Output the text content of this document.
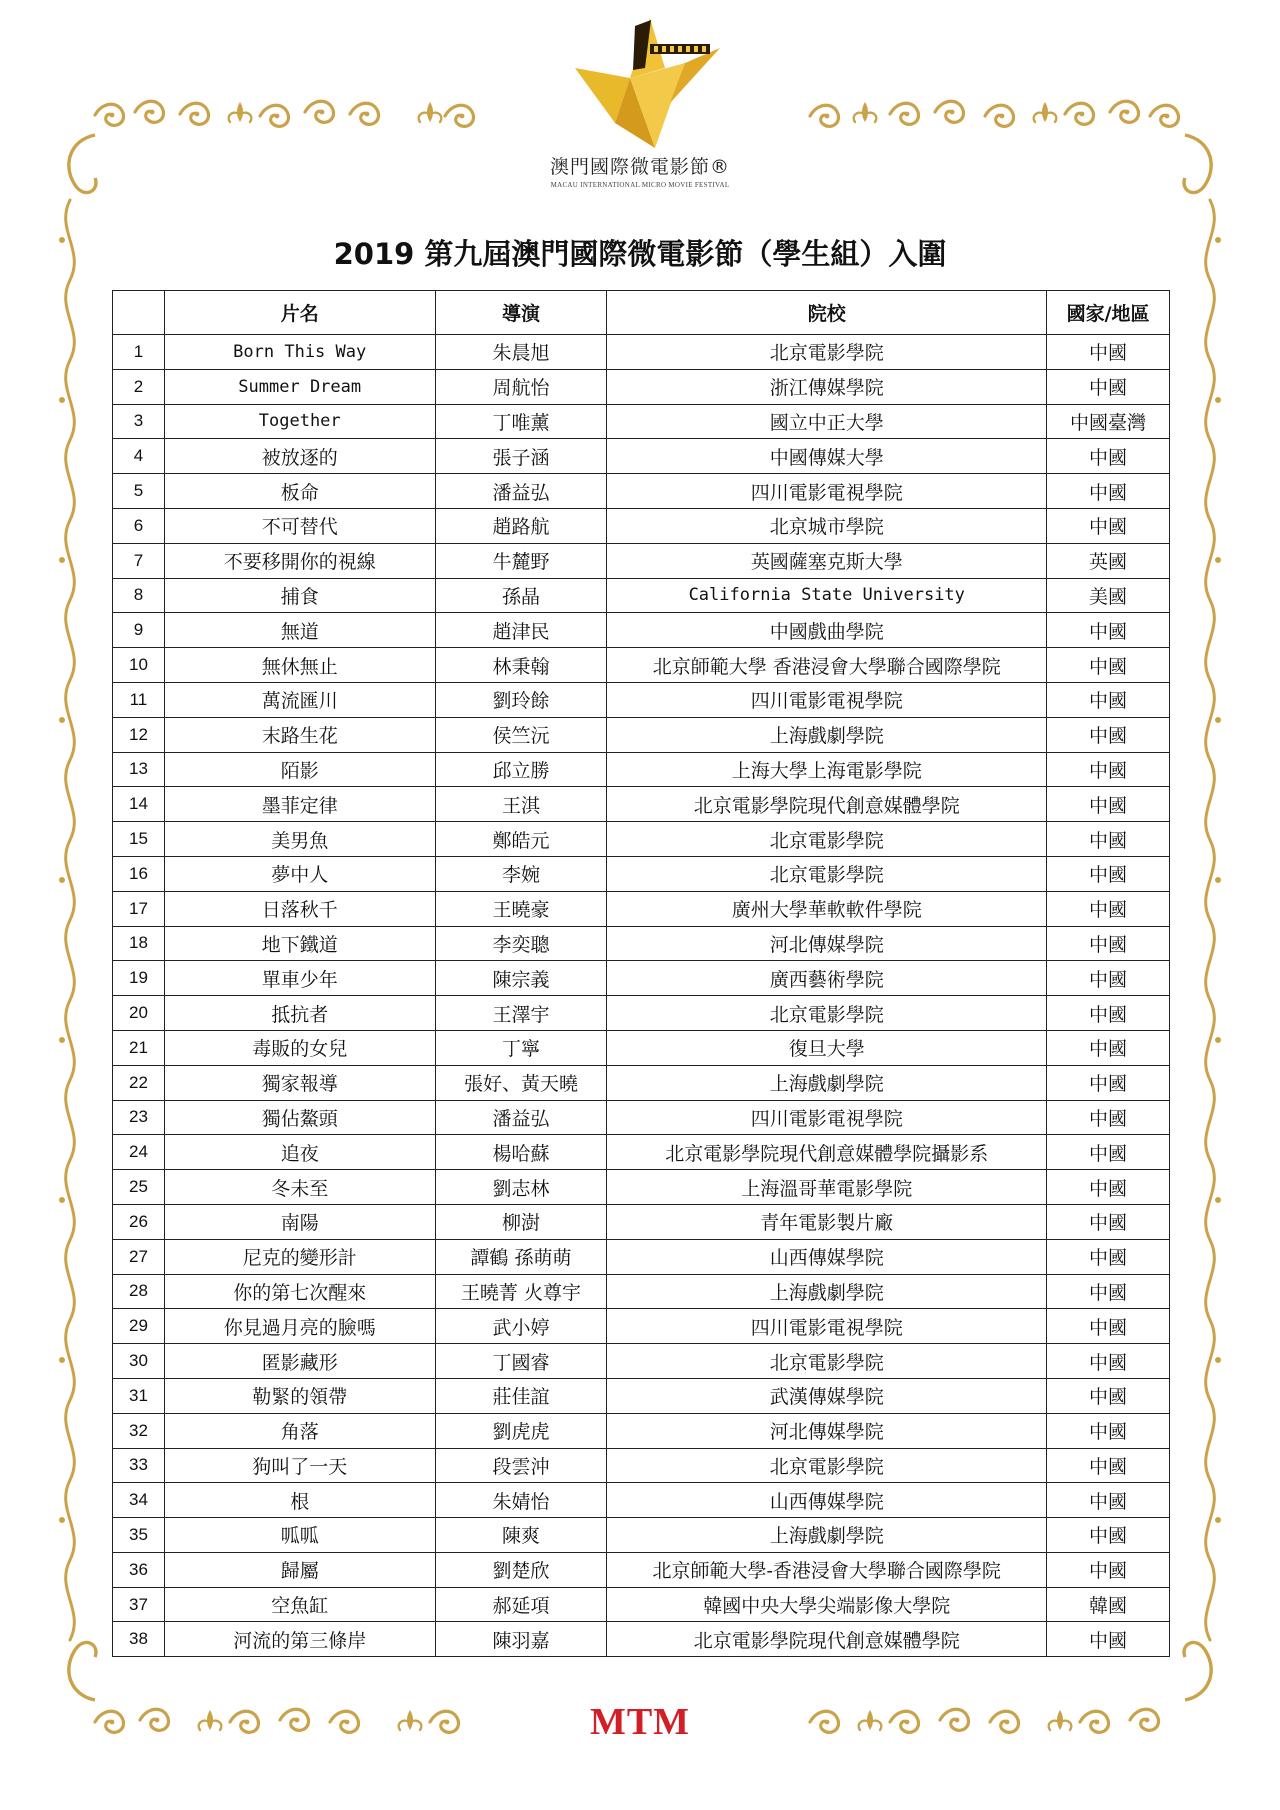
澳門國際微電影節®
MACAU INTERNATIONAL MICRO MOVIE FESTIVAL
2019 第九屆澳門國際微電影節（學生組）入圍
	片名	導演	院校	國家/地區
1	Born This Way	朱晨旭	北京電影學院	中國
2	Summer Dream	周航怡	浙江傳媒學院	中國
3	Together	丁唯薰	國立中正大學	中國臺灣
4	被放逐的	張子涵	中國傳媒大學	中國
5	板命	潘益弘	四川電影電視學院	中國
6	不可替代	趙路航	北京城市學院	中國
7	不要移開你的視線	牛麓野	英國薩塞克斯大學	英國
8	捕食	孫晶	California State University	美國
9	無道	趙津民	中國戲曲學院	中國
10	無休無止	林秉翰	北京師範大學 香港浸會大學聯合國際學院	中國
11	萬流匯川	劉玲餘	四川電影電視學院	中國
12	末路生花	侯竺沅	上海戲劇學院	中國
13	陌影	邱立勝	上海大學上海電影學院	中國
14	墨菲定律	王淇	北京電影學院現代創意媒體學院	中國
15	美男魚	鄭皓元	北京電影學院	中國
16	夢中人	李婉	北京電影學院	中國
17	日落秋千	王曉豪	廣州大學華軟軟件學院	中國
18	地下鐵道	李奕聰	河北傳媒學院	中國
19	單車少年	陳宗義	廣西藝術學院	中國
20	抵抗者	王澤宇	北京電影學院	中國
21	毒販的女兒	丁寧	復旦大學	中國
22	獨家報導	張好、黃天曉	上海戲劇學院	中國
23	獨佔鰲頭	潘益弘	四川電影電視學院	中國
24	追夜	楊哈蘇	北京電影學院現代創意媒體學院攝影系	中國
25	冬未至	劉志林	上海溫哥華電影學院	中國
26	南陽	柳澍	青年電影製片廠	中國
27	尼克的變形計	譚鶴 孫萌萌	山西傳媒學院	中國
28	你的第七次醒來	王曉菁 火尊宇	上海戲劇學院	中國
29	你見過月亮的臉嗎	武小婷	四川電影電視學院	中國
30	匿影藏形	丁國睿	北京電影學院	中國
31	勒緊的領帶	莊佳誼	武漢傳媒學院	中國
32	角落	劉虎虎	河北傳媒學院	中國
33	狗叫了一天	段雲沖	北京電影學院	中國
34	根	朱婧怡	山西傳媒學院	中國
35	呱呱	陳爽	上海戲劇學院	中國
36	歸屬	劉楚欣	北京師範大學-香港浸會大學聯合國際學院	中國
37	空魚缸	郝延項	韓國中央大學尖端影像大學院	韓國
38	河流的第三條岸	陳羽嘉	北京電影學院現代創意媒體學院	中國
MTM
